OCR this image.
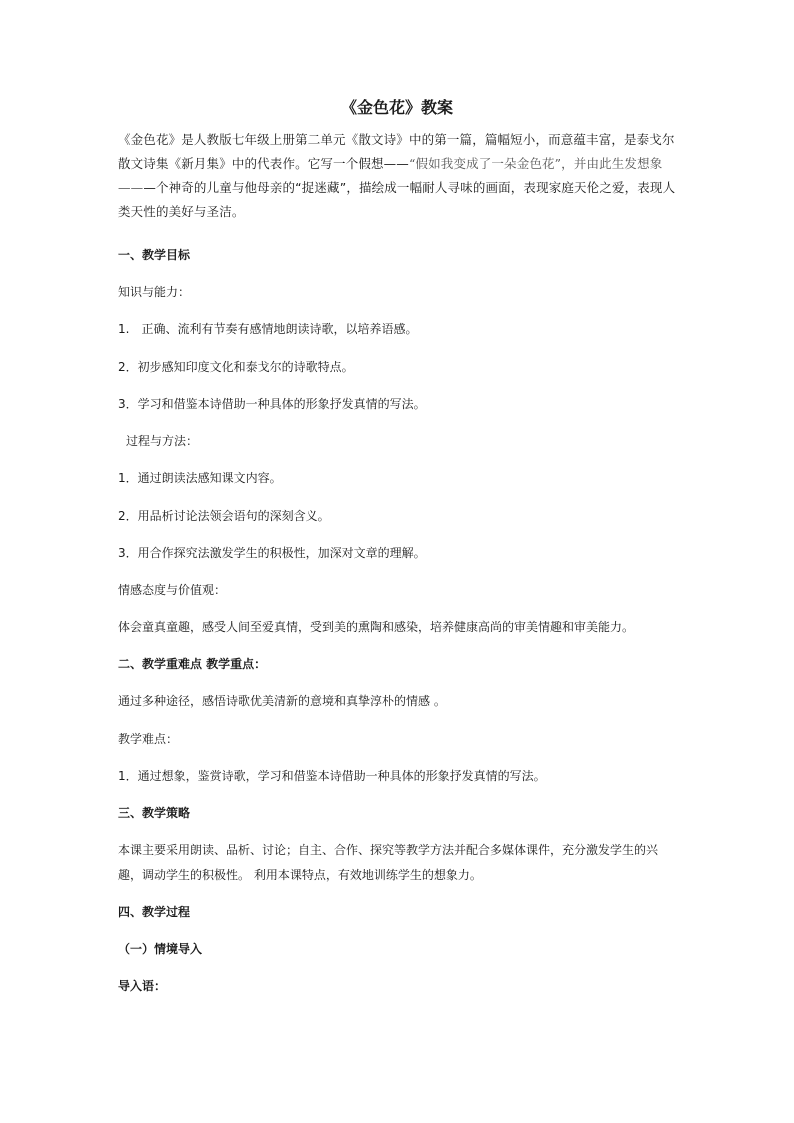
《金色花》教案
《金色花》是人教版七年级上册第二单元《散文诗》中的第一篇，篇幅短小，而意蕴丰富，是泰戈尔散文诗集《新月集》中的代表作。它写一个假想——“假如我变成了一朵金色花”，并由此生发想象———个神奇的儿童与他母亲的“捉迷藏”，描绘成一幅耐人寻味的画面，表现家庭天伦之爱，表现人类天性的美好与圣洁。
一、教学目标
知识与能力：
1.　正确、流利有节奏有感情地朗读诗歌，以培养语感。
2．初步感知印度文化和泰戈尔的诗歌特点。
3．学习和借鉴本诗借助一种具体的形象抒发真情的写法。
过程与方法：
1．通过朗读法感知课文内容。
2．用品析讨论法领会语句的深刻含义。
3．用合作探究法激发学生的积极性，加深对文章的理解。
情感态度与价值观：
体会童真童趣，感受人间至爱真情，受到美的熏陶和感染，培养健康高尚的审美情趣和审美能力。
二、教学重难点 教学重点：
通过多种途径，感悟诗歌优美清新的意境和真挚淳朴的情感 。
教学难点：
1．通过想象，鉴赏诗歌，学习和借鉴本诗借助一种具体的形象抒发真情的写法。
三、教学策略
本课主要采用朗读、品析、讨论；自主、合作、探究等教学方法并配合多媒体课件，充分激发学生的兴趣，调动学生的积极性。 利用本课特点，有效地训练学生的想象力。
四、教学过程
（一）情境导入
导入语：
